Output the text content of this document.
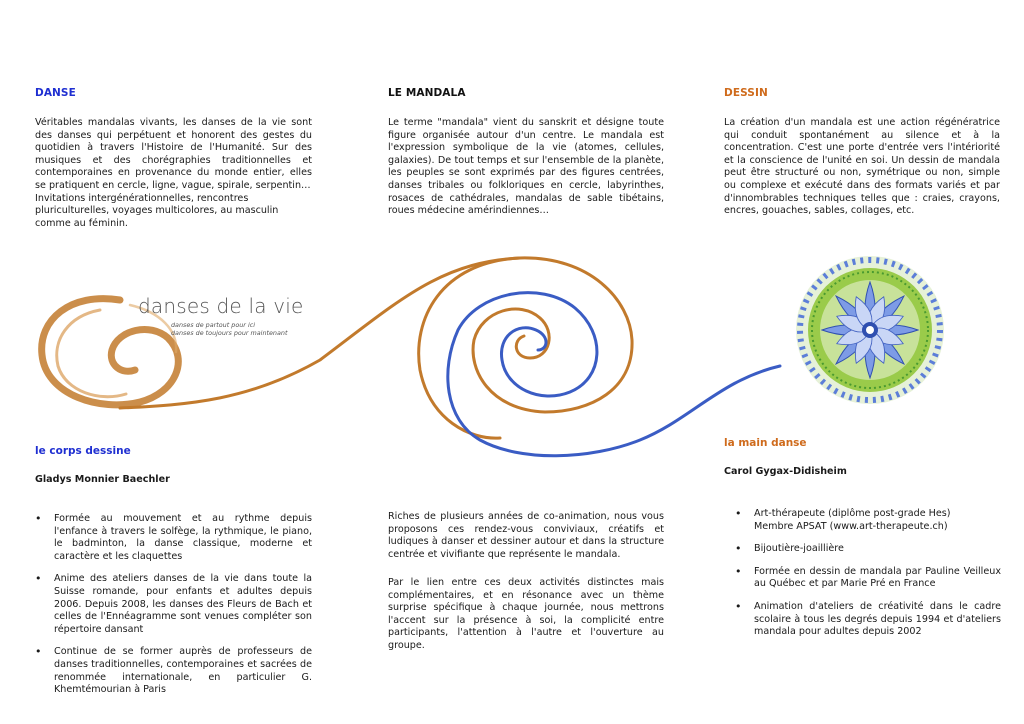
DANSE	LE MANDALA	DESSIN

Véritables mandalas vivants, les danses de la vie sont des danses qui perpétuent et honorent des gestes du quotidien à travers l'Histoire de l'Humanité. Sur des musiques et des chorégraphies traditionnelles et contemporaines en provenance du monde entier, elles se pratiquent en cercle, ligne, vague, spirale, serpentin…

Invitations intergénérationnelles, rencontres pluriculturelles, voyages multicolores, au masculin comme au féminin.

Le terme "mandala" vient du sanskrit et désigne toute figure organisée autour d'un centre. Le mandala est l'expression symbolique de la vie (atomes, cellules, galaxies). De tout temps et sur l'ensemble de la planète, les peuples se sont exprimés par des figures centrées, danses tribales ou folkloriques en cercle, labyrinthes, rosaces de cathédrales, mandalas de sable tibétains, roues médecine amérindiennes…

La création d'un mandala est une action régénératrice qui conduit spontanément au silence et à la concentration. C'est une porte d'entrée vers l'intériorité et la conscience de l'unité en soi. Un dessin de mandala peut être structuré ou non, symétrique ou non, simple ou complexe et exécuté dans des formats variés et par d'innombrables techniques telles que : craies, crayons, encres, gouaches, sables, collages, etc.

danses de la vie
danses de partout pour ici
danses de toujours pour maintenant
le corps dessine
Gladys Monnier Baechler
• Formée au mouvement et au rythme depuis l'enfance à travers le solfège, la rythmique, le piano, le badminton, la danse classique, moderne et caractère et les claquettes
• Anime des ateliers danses de la vie dans toute la Suisse romande, pour enfants et adultes depuis 2006. Depuis 2008, les danses des Fleurs de Bach et celles de l'Ennéagramme sont venues compléter son répertoire dansant
• Continue de se former auprès de professeurs de danses traditionnelles, contemporaines et sacrées de renommée internationale, en particulier G. Khemtémourian à Paris

Riches de plusieurs années de co-animation, nous vous proposons ces rendez-vous conviviaux, créatifs et ludiques à danser et dessiner autour et dans la structure centrée et vivifiante que représente le mandala.

Par le lien entre ces deux activités distinctes mais complémentaires, et en résonance avec un thème surprise spécifique à chaque journée, nous mettrons l'accent sur la présence à soi, la complicité entre participants, l'attention à l'autre et l'ouverture au groupe.

la main danse
Carol Gygax-Didisheim
• Art-thérapeute (diplôme post-grade Hes)
Membre APSAT (www.art-therapeute.ch)
• Bijoutière-joaillière
• Formée en dessin de mandala par Pauline Veilleux au Québec et par Marie Pré en France
• Animation d'ateliers de créativité dans le cadre scolaire à tous les degrés depuis 1994 et d'ateliers mandala pour adultes depuis 2002
